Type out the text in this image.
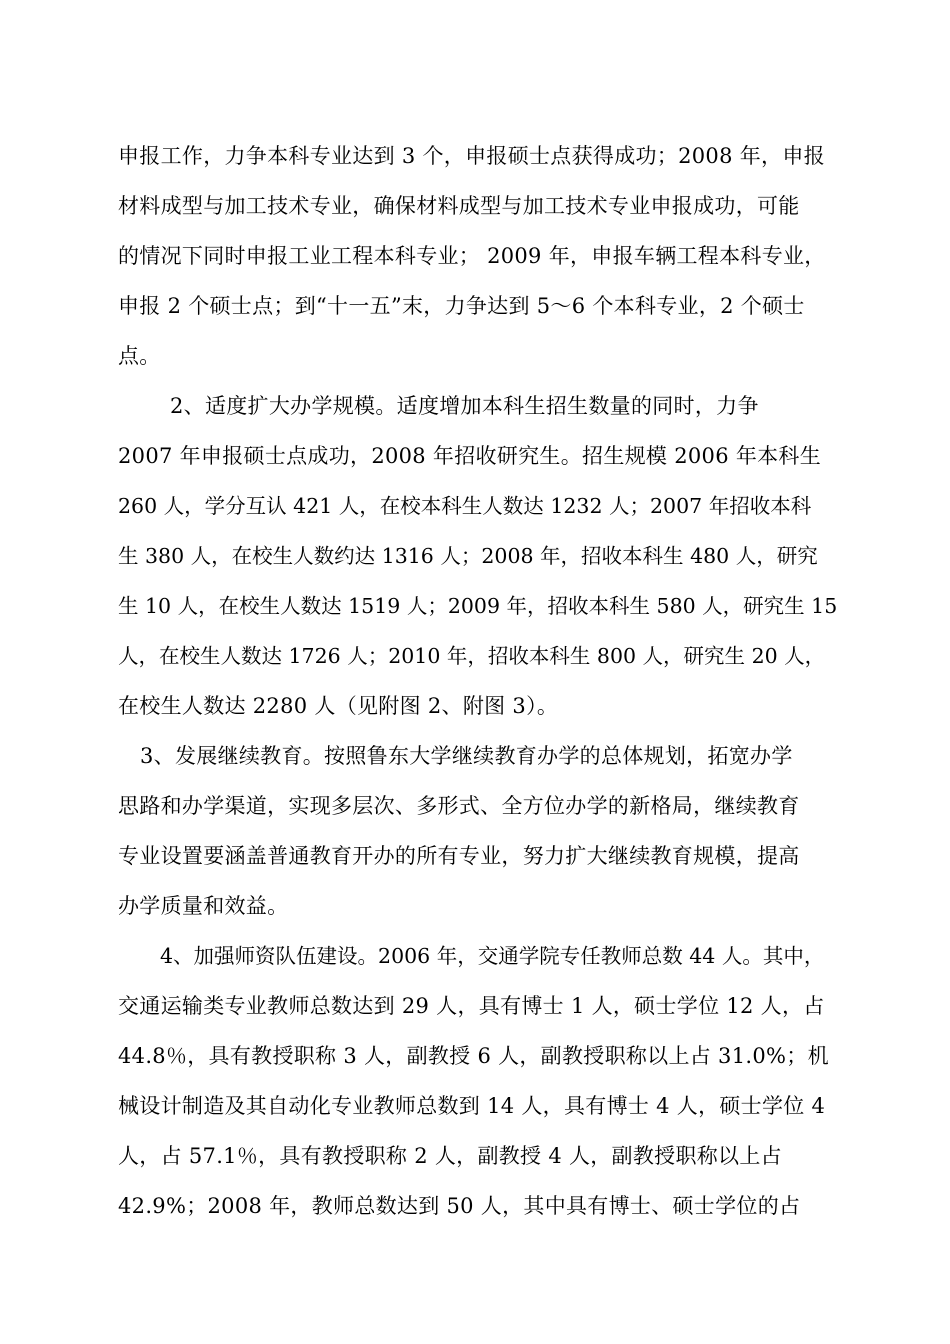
申报工作，力争本科专业达到 3 个，申报硕士点获得成功；2008 年，申报
材料成型与加工技术专业，确保材料成型与加工技术专业申报成功，可能
的情况下同时申报工业工程本科专业； 2009 年，申报车辆工程本科专业，
申报 2 个硕士点；到“十一五”末，力争达到 5～6 个本科专业，2 个硕士
点。
2、适度扩大办学规模。适度增加本科生招生数量的同时，力争
2007 年申报硕士点成功，2008 年招收研究生。招生规模 2006 年本科生
260 人，学分互认 421 人，在校本科生人数达 1232 人；2007 年招收本科
生 380 人，在校生人数约达 1316 人；2008 年，招收本科生 480 人，研究
生 10 人，在校生人数达 1519 人；2009 年，招收本科生 580 人，研究生 15
人，在校生人数达 1726 人；2010 年，招收本科生 800 人，研究生 20 人，
在校生人数达 2280 人（见附图 2、附图 3）。
3、发展继续教育。按照鲁东大学继续教育办学的总体规划，拓宽办学
思路和办学渠道，实现多层次、多形式、全方位办学的新格局，继续教育
专业设置要涵盖普通教育开办的所有专业，努力扩大继续教育规模，提高
办学质量和效益。
4、加强师资队伍建设。2006 年，交通学院专任教师总数 44 人。其中，
交通运输类专业教师总数达到 29 人，具有博士 1 人，硕士学位 12 人，占
44.8％，具有教授职称 3 人，副教授 6 人，副教授职称以上占 31.0%；机
械设计制造及其自动化专业教师总数到 14 人，具有博士 4 人，硕士学位 4
人，占 57.1％，具有教授职称 2 人，副教授 4 人，副教授职称以上占
42.9%；2008 年，教师总数达到 50 人，其中具有博士、硕士学位的占
